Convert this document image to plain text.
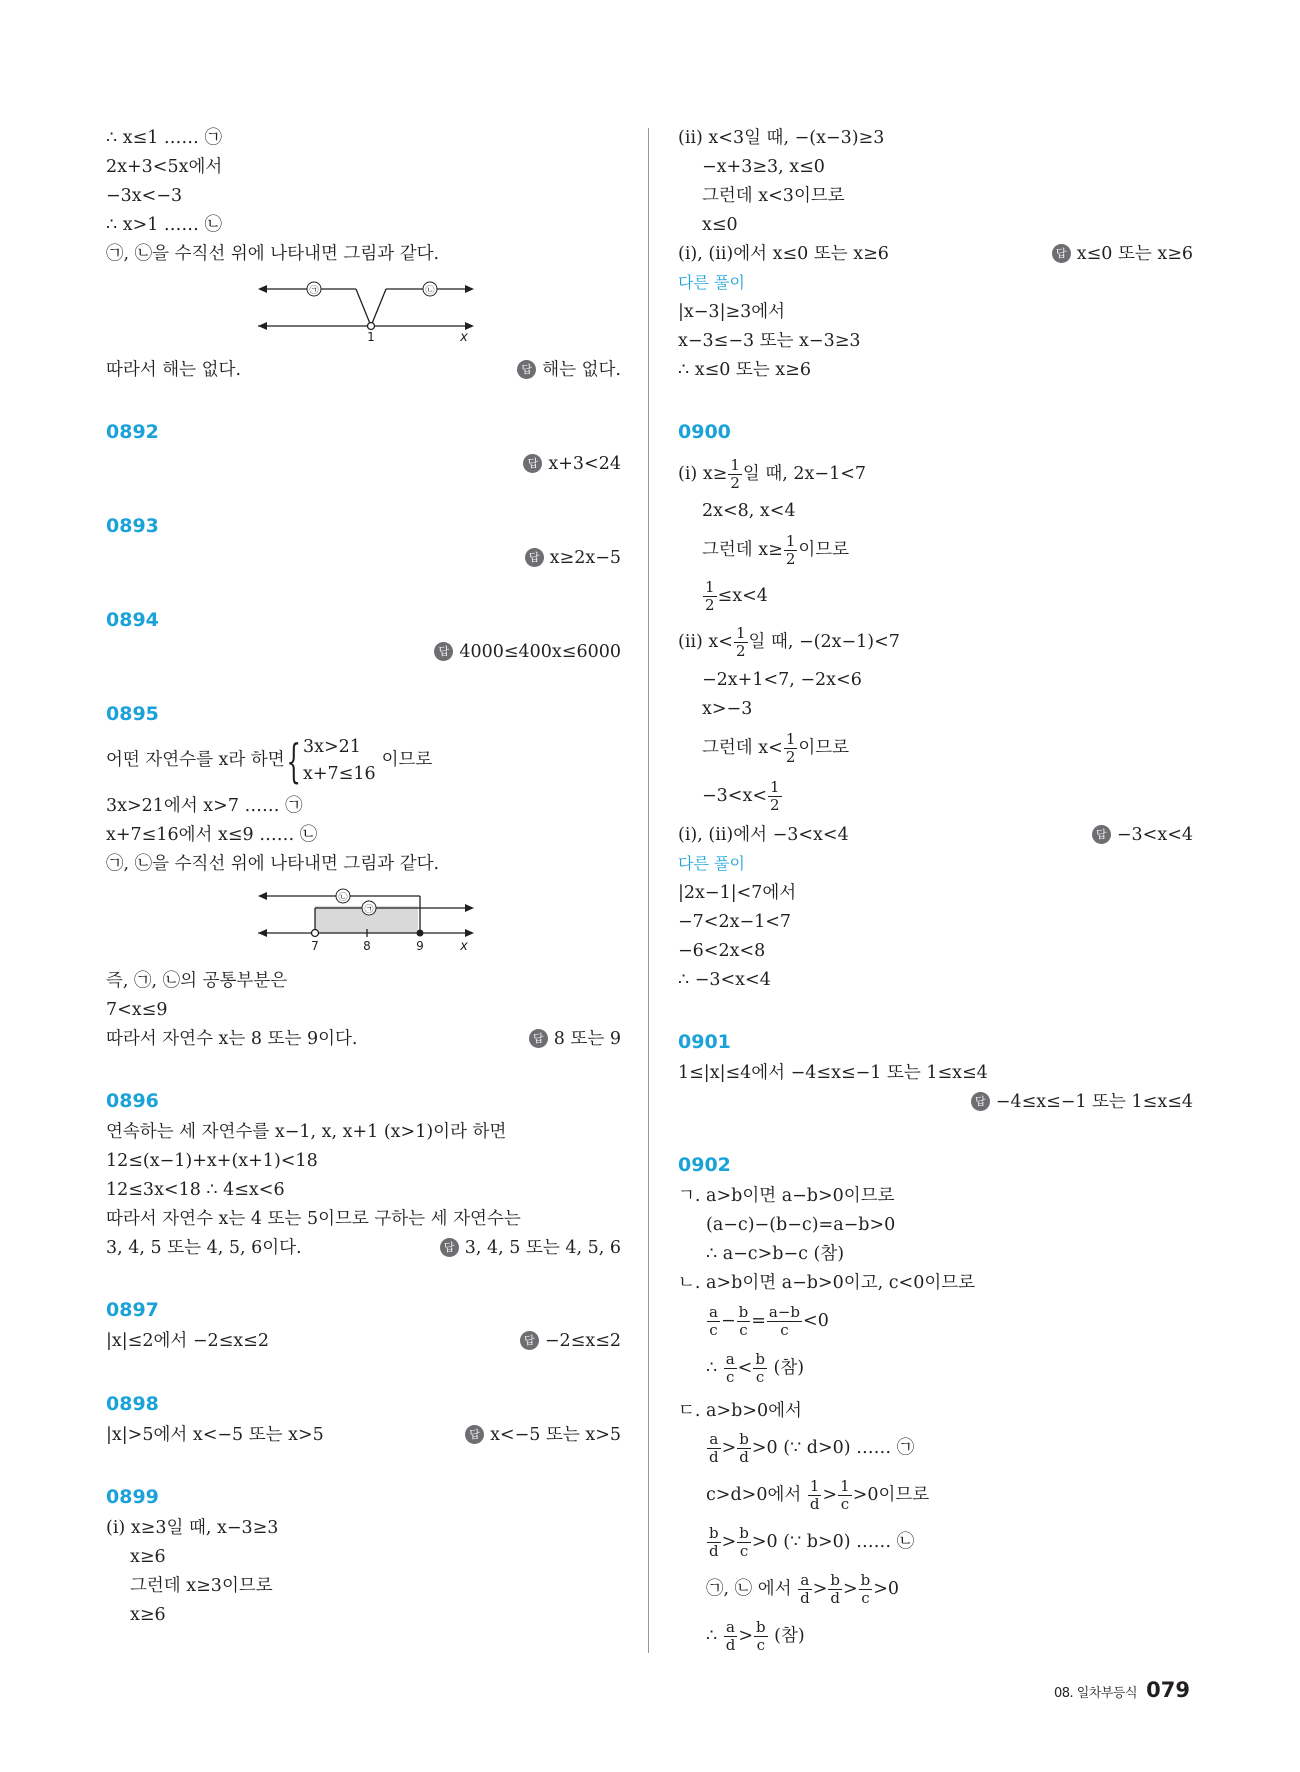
∴ x≤1 …… ㉠
2x+3<5x에서
−3x<−3
∴ x>1 …… ㉡
㉠, ㉡을 수직선 위에 나타내면 그림과 같다.
㉠	㉡
1	x
따라서 해는 없다.	답 해는 없다.
0892
답 x+3<24
0893
답 x≥2x−5
0894
답 4000≤400x≤6000
0895
어떤 자연수를 x라 하면{ 3x>21
x+7≤16
이므로
3x>21에서 x>7 …… ㉠
x+7≤16에서 x≤9 …… ㉡
㉠, ㉡을 수직선 위에 나타내면 그림과 같다.
㉡
㉠
7	8	9	x
즉, ㉠, ㉡의 공통부분은
7<x≤9
따라서 자연수 x는 8 또는 9이다.	답 8 또는 9
0896
연속하는 세 자연수를 x−1, x, x+1 (x>1)이라 하면
12≤(x−1)+x+(x+1)<18
12≤3x<18 ∴ 4≤x<6
따라서 자연수 x는 4 또는 5이므로 구하는 세 자연수는
3, 4, 5 또는 4, 5, 6이다.	답 3, 4, 5 또는 4, 5, 6
0897
|x|≤2에서 −2≤x≤2	답 −2≤x≤2
0898
|x|>5에서 x<−5 또는 x>5	답 x<−5 또는 x>5
0899
(ⅰ) x≥3일 때, x−3≥3
x≥6
그런데 x≥3이므로
x≥6
(ⅱ) x<3일 때, −(x−3)≥3
−x+3≥3, x≤0
그런데 x<3이므로
x≤0
(ⅰ), (ⅱ)에서 x≤0 또는 x≥6	답 x≤0 또는 x≥6
다른 풀이
|x−3|≥3에서
x−3≤−3 또는 x−3≥3
∴ x≤0 또는 x≥6
0900
(ⅰ) $x\ge \frac{1}{2}$ 일 때, 2x−1<7
2x<8, x<4
그런데 $x\ge \frac{1}{2}$ 이므로
$\frac{1}{2} \le x<4$
(ⅱ) $x< \frac{1}{2}$ 일 때, −(2x−1)<7
−2x+1<7, −2x<6
x>−3
그런데 $x< \frac{1}{2}$ 이므로
$-3<x< \frac{1}{2}$
(ⅰ), (ⅱ)에서 −3<x<4	답 −3<x<4
다른 풀이
|2x−1|<7에서
−7<2x−1<7
−6<2x<8
∴ −3<x<4
0901
1≤|x|≤4에서 −4≤x≤−1 또는 1≤x≤4
답 −4≤x≤−1 또는 1≤x≤4
0902
ㄱ. a>b이면 a−b>0이므로
(a−c)−(b−c)=a−b>0
∴ a−c>b−c (참)
ㄴ. a>b이면 a−b>0이고, c<0이므로
$\frac{a}{c} - \frac{b}{c} = \frac{a-b}{c} <0$
∴ $\frac{a}{c} < \frac{b}{c}$ (참)
ㄷ. a>b>0에서
$\frac{a}{d} > \frac{b}{d} >0$ (∵ d>0) …… ㉠
c>d>0에서 $\frac{1}{d} > \frac{1}{c} >0$이므로
$\frac{b}{d} > \frac{b}{c} >0$ (∵ b>0) …… ㉡
㉠, ㉡ 에서 $\frac{a}{d} > \frac{b}{d} > \frac{b}{c} >0$
∴ $\frac{a}{d} > \frac{b}{c}$ (참)
08. 일차부등식 079
